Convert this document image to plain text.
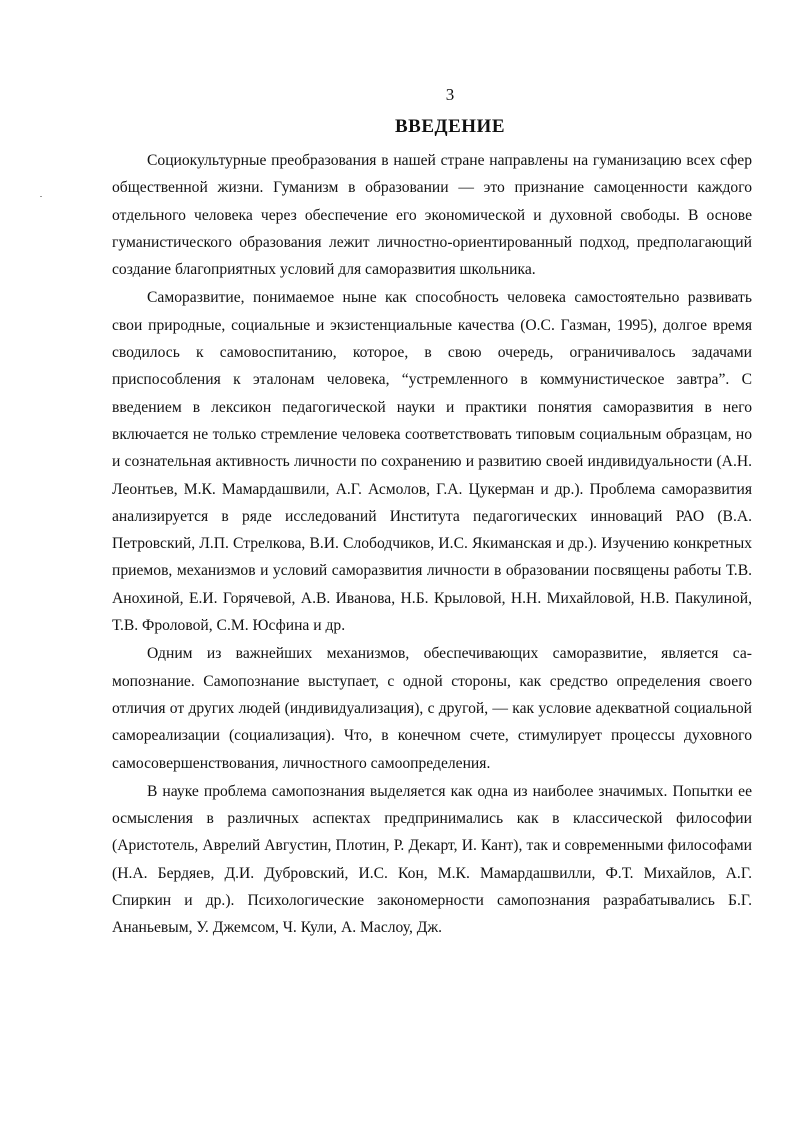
3
ВВЕДЕНИЕ

Социокультурные преобразования в нашей стране направлены на гуманизацию всех сфер общественной жизни. Гуманизм в образовании — это признание самоценности каждого отдельного человека через обеспечение его экономической и духовной свободы. В основе гуманистического образования лежит личностно-ориентированный подход, предполагающий создание благоприятных условий для саморазвития школьника.

Саморазвитие, понимаемое ныне как способность человека самостоятельно развивать свои природные, социальные и экзистенциальные качества (О.С. Газман, 1995), долгое время сводилось к самовоспитанию, которое, в свою очередь, ограничивалось задачами приспособления к эталонам человека, “устремленного в коммунистическое завтра”. С введением в лексикон педагогической науки и практики понятия саморазвития в него включается не только стремление человека соответствовать типовым социальным образцам, но и сознательная активность личности по сохранению и развитию своей индивидуальности (А.Н. Леонтьев, М.К. Мамардашвили, А.Г. Асмолов, Г.А. Цукерман и др.). Проблема саморазвития анализируется в ряде исследований Института педагогических инноваций РАО (В.А. Петровский, Л.П. Стрелкова, В.И. Слободчиков, И.С. Якиманская и др.). Изучению конкретных приемов, механизмов и условий саморазвития личности в образовании посвящены работы Т.В. Анохиной, Е.И. Горячевой, А.В. Иванова, Н.Б. Крыловой, Н.Н. Михайловой, Н.В. Пакулиной, Т.В. Фроловой, С.М. Юсфина и др.

Одним из важнейших механизмов, обеспечивающих саморазвитие, является самопознание. Самопознание выступает, с одной стороны, как средство определения своего отличия от других людей (индивидуализация), с другой, — как условие адекватной социальной самореализации (социализация). Что, в конечном счете, стимулирует процессы духовного самосовершенствования, личностного самоопределения.

В науке проблема самопознания выделяется как одна из наиболее значимых. Попытки ее осмысления в различных аспектах предпринимались как в классической философии (Аристотель, Аврелий Августин, Плотин, Р. Декарт, И. Кант), так и современными философами (Н.А. Бердяев, Д.И. Дубровский, И.С. Кон, М.К. Мамардашвилли, Ф.Т. Михайлов, А.Г. Спиркин и др.). Психологические закономерности самопознания разрабатывались Б.Г. Ананьевым, У. Джемсом, Ч. Кули, А. Маслоу, Дж.
